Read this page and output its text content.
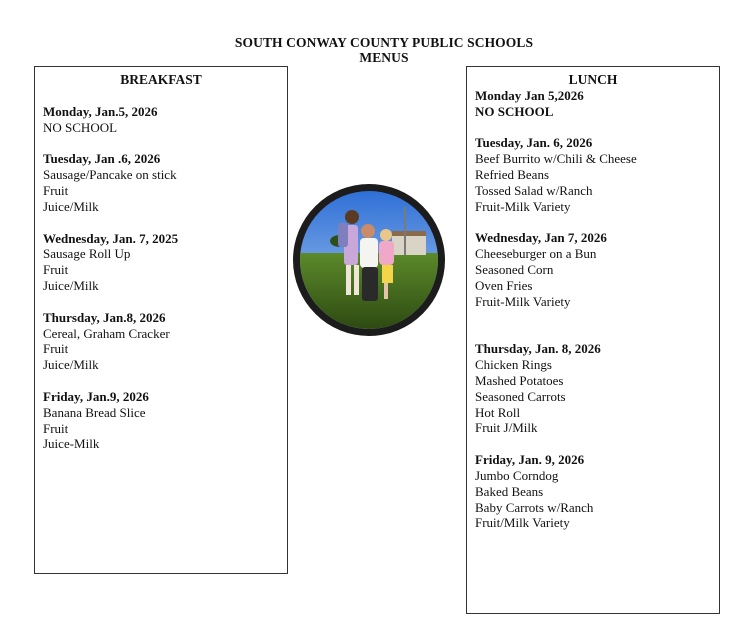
SOUTH CONWAY COUNTY PUBLIC SCHOOLS
MENUS
BREAKFAST
Monday, Jan.5, 2026
NO SCHOOL
Tuesday, Jan .6, 2026
Sausage/Pancake on stick
Fruit
Juice/Milk
Wednesday, Jan. 7, 2025
Sausage Roll Up
Fruit
Juice/Milk
Thursday, Jan.8, 2026
Cereal, Graham Cracker
Fruit
Juice/Milk
Friday, Jan.9, 2026
Banana Bread Slice
Fruit
Juice-Milk
LUNCH
Monday Jan 5,2026
NO SCHOOL
Tuesday, Jan. 6, 2026
Beef Burrito w/Chili & Cheese
Refried Beans
Tossed Salad w/Ranch
Fruit-Milk Variety
Wednesday, Jan 7, 2026
Cheeseburger on a Bun
Seasoned Corn
Oven Fries
Fruit-Milk Variety
Thursday, Jan. 8, 2026
Chicken Rings
Mashed Potatoes
Seasoned Carrots
Hot Roll
Fruit J/Milk
Friday, Jan. 9, 2026
Jumbo Corndog
Baked Beans
Baby Carrots w/Ranch
Fruit/Milk Variety
